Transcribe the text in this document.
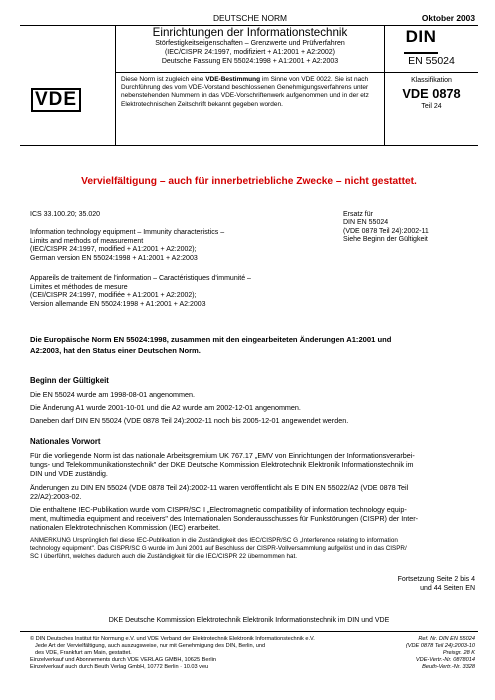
DEUTSCHE NORM	Oktober 2003
Einrichtungen der Informationstechnik
Störfestigkeitseigenschaften – Grenzwerte und Prüfverfahren
(IEC/CISPR 24:1997, modifiziert + A1:2001 + A2:2002)
Deutsche Fassung EN 55024:1998 + A1:2001 + A2:2003
DIN
EN 55024
VDE
Diese Norm ist zugleich eine VDE-Bestimmung im Sinne von VDE 0022. Sie ist nach
Durchführung des vom VDE-Vorstand beschlossenen Genehmigungsverfahrens unter
nebenstehenden Nummern in das VDE-Vorschriftenwerk aufgenommen und in der etz
Elektrotechnischen Zeitschrift bekannt gegeben worden.
Klassifikation
VDE 0878
Teil 24
Vervielfältigung – auch für innerbetriebliche Zwecke – nicht gestattet.
ICS 33.100.20; 35.020	Ersatz für
DIN EN 55024
(VDE 0878 Teil 24):2002-11
Siehe Beginn der Gültigkeit
Information technology equipment – Immunity characteristics –
Limits and methods of measurement
(IEC/CISPR 24:1997, modified + A1:2001 + A2:2002);
German version EN 55024:1998 + A1:2001 + A2:2003
Appareils de traitement de l'information – Caractéristiques d'immunité –
Limites et méthodes de mesure
(CEI/CISPR 24:1997, modifiée + A1:2001 + A2:2002);
Version allemande EN 55024:1998 + A1:2001 + A2:2003
Die Europäische Norm EN 55024:1998, zusammen mit den eingearbeiteten Änderungen A1:2001 und
A2:2003, hat den Status einer Deutschen Norm.
Beginn der Gültigkeit
Die EN 55024 wurde am 1998-08-01 angenommen.
Die Änderung A1 wurde 2001-10-01 und die A2 wurde am 2002-12-01 angenommen.
Daneben darf DIN EN 55024 (VDE 0878 Teil 24):2002-11 noch bis 2005-12-01 angewendet werden.
Nationales Vorwort
Für die vorliegende Norm ist das nationale Arbeitsgremium UK 767.17 „EMV von Einrichtungen der Informationsverarbei-
tungs- und Telekommunikationstechnik" der DKE Deutsche Kommission Elektrotechnik Elektronik Informationstechnik im
DIN und VDE zuständig.
Änderungen zu DIN EN 55024 (VDE 0878 Teil 24):2002-11 waren veröffentlicht als E DIN EN 55022/A2 (VDE 0878 Teil
22/A2):2003-02.
Die enthaltene IEC-Publikation wurde vom CISPR/SC I „Electromagnetic compatibility of information technology equip-
ment, multimedia equipment and receivers" des Internationalen Sonderausschusses für Funkstörungen (CISPR) der Inter-
nationalen Elektrotechnischen Kommission (IEC) erarbeitet.
ANMERKUNG Ursprünglich fiel diese IEC-Publikation in die Zuständigkeit des IEC/CISPR/SC G „Interference relating to information
technology equipment". Das CISPR/SC G wurde im Juni 2001 auf Beschluss der CISPR-Vollversammlung aufgelöst und in das CISPR/
SC I überführt, welches dadurch auch die Zuständigkeit für die IEC/CISPR 22 übernommen hat.
Fortsetzung Seite 2 bis 4
und 44 Seiten EN
DKE Deutsche Kommission Elektrotechnik Elektronik Informationstechnik im DIN und VDE
© DIN Deutsches Institut für Normung e.V. und VDE Verband der Elektrotechnik Elektronik Informationstechnik e.V.
Jede Art der Vervielfältigung, auch auszugsweise, nur mit Genehmigung des DIN, Berlin, und
des VDE, Frankfurt am Main, gestattet.
Einzelverkauf und Abonnements durch VDE VERLAG GMBH, 10625 Berlin
Einzelverkauf auch durch Beuth Verlag GmbH, 10772 Berlin · 10.03 veu
Ref. Nr. DIN EN 55024
(VDE 0878 Teil 24):2003-10
Preisgr. 28 K
VDE-Vertr.-Nr. 0878014
Beuth-Vertr.-Nr. 3328
